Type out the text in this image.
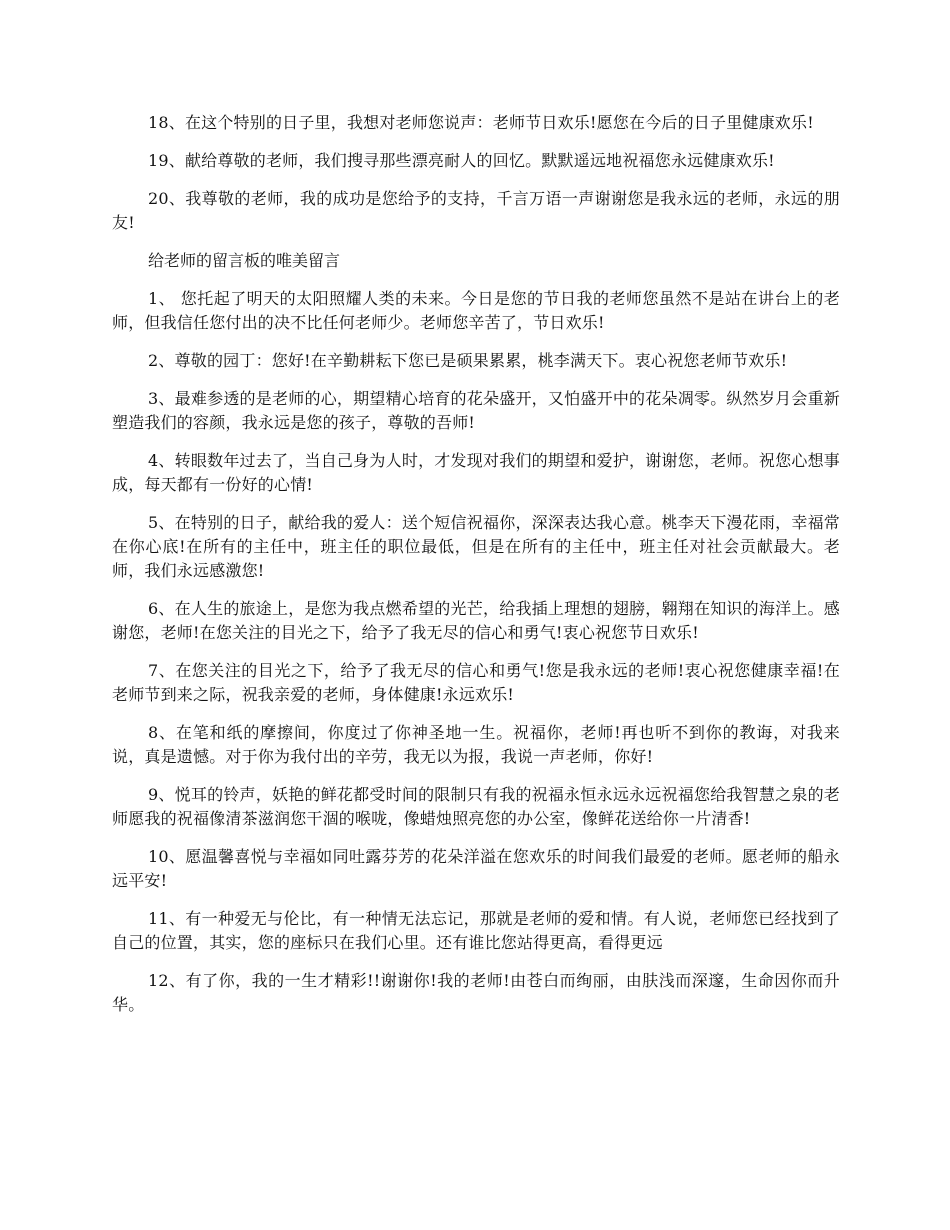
18、在这个特别的日子里，我想对老师您说声：老师节日欢乐!愿您在今后的日子里健康欢乐!

19、献给尊敬的老师，我们搜寻那些漂亮耐人的回忆。默默遥远地祝福您永远健康欢乐!

20、我尊敬的老师，我的成功是您给予的支持，千言万语一声谢谢您是我永远的老师，永远的朋友!

给老师的留言板的唯美留言

1、 您托起了明天的太阳照耀人类的未来。今日是您的节日我的老师您虽然不是站在讲台上的老师，但我信任您付出的决不比任何老师少。老师您辛苦了，节日欢乐!

2、尊敬的园丁：您好!在辛勤耕耘下您已是硕果累累，桃李满天下。衷心祝您老师节欢乐!

3、最难参透的是老师的心，期望精心培育的花朵盛开，又怕盛开中的花朵凋零。纵然岁月会重新塑造我们的容颜，我永远是您的孩子，尊敬的吾师!

4、转眼数年过去了，当自己身为人时，才发现对我们的期望和爱护，谢谢您，老师。祝您心想事成，每天都有一份好的心情!

5、在特别的日子，献给我的爱人：送个短信祝福你，深深表达我心意。桃李天下漫花雨，幸福常在你心底!在所有的主任中，班主任的职位最低，但是在所有的主任中，班主任对社会贡献最大。老师，我们永远感激您!

6、在人生的旅途上，是您为我点燃希望的光芒，给我插上理想的翅膀，翱翔在知识的海洋上。感谢您，老师!在您关注的目光之下，给予了我无尽的信心和勇气!衷心祝您节日欢乐!

7、在您关注的目光之下，给予了我无尽的信心和勇气!您是我永远的老师!衷心祝您健康幸福!在老师节到来之际，祝我亲爱的老师，身体健康!永远欢乐!

8、在笔和纸的摩擦间，你度过了你神圣地一生。祝福你，老师!再也听不到你的教诲，对我来说，真是遗憾。对于你为我付出的辛劳，我无以为报，我说一声老师，你好!

9、悦耳的铃声，妖艳的鲜花都受时间的限制只有我的祝福永恒永远永远祝福您给我智慧之泉的老师愿我的祝福像清茶滋润您干涸的喉咙，像蜡烛照亮您的办公室，像鲜花送给你一片清香!

10、愿温馨喜悦与幸福如同吐露芬芳的花朵洋溢在您欢乐的时间我们最爱的老师。愿老师的船永远平安!

11、有一种爱无与伦比，有一种情无法忘记，那就是老师的爱和情。有人说，老师您已经找到了自己的位置，其实，您的座标只在我们心里。还有谁比您站得更高，看得更远

12、有了你，我的一生才精彩!!谢谢你!我的老师!由苍白而绚丽，由肤浅而深邃，生命因你而升华。
